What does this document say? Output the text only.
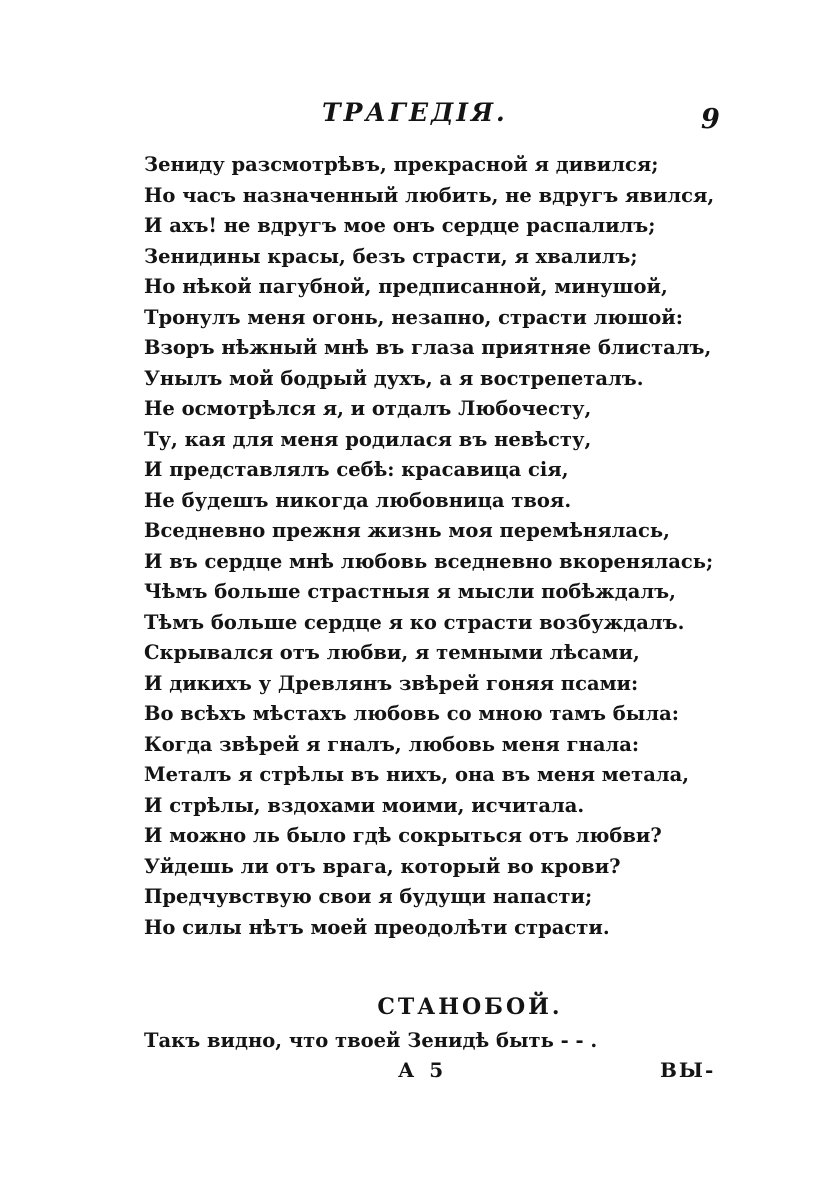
ТРАГЕДІЯ.	9
Зениду разсмотрѣвъ, прекрасной я дивился;
Но часъ назначенный любить, не вдругъ явился,
И ахъ! не вдругъ мое онъ сердце распалилъ;
Зенидины красы, безъ страсти, я хвалилъ;
Но нѣкой пагубной, предписанной, минушой,
Тронулъ меня огонь, незапно, страсти люшой:
Взоръ нѣжный мнѣ въ глаза приятняе блисталъ,
Унылъ мой бодрый духъ, а я вострепеталъ.
Не осмотрѣлся я, и отдалъ Любочесту,
Ту, кая для меня родилася въ невѣсту,
И представлялъ себѣ: красавица сія,
Не будешъ никогда любовница твоя.
Вседневно прежня жизнь моя перемѣнялась,
И въ сердце мнѣ любовь вседневно вкоренялась;
Чѣмъ больше страстныя я мысли побѣждалъ,
Тѣмъ больше сердце я ко страсти возбуждалъ.
Скрывался отъ любви, я темными лѣсами,
И дикихъ у Древлянъ звѣрей гоняя псами:
Во всѣхъ мѣстахъ любовь со мною тамъ была:
Когда звѣрей я гналъ, любовь меня гнала:
Металъ я стрѣлы въ нихъ, она въ меня метала,
И стрѣлы, вздохами моими, исчитала.
И можно ль было гдѣ сокрыться отъ любви?
Уйдешь ли отъ врага, который во крови?
Предчувствую свои я будущи напасти;
Но силы нѣтъ моей преодолѣти страсти.
СТАНОБОЙ.
Такъ видно, что твоей Зенидѣ быть - - .
А 5	ВЫ-
